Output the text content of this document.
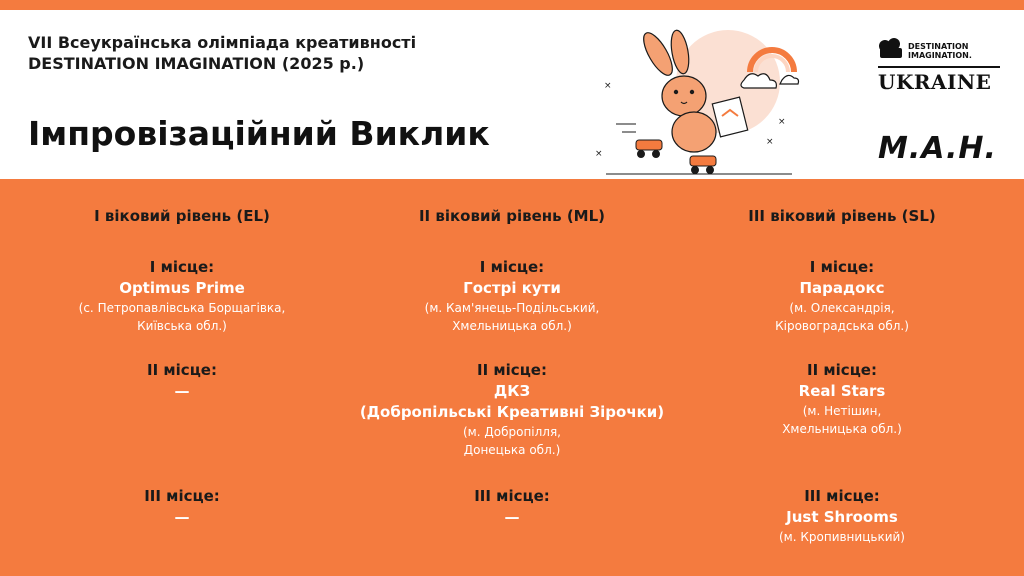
VII Всеукраїнська олімпіада креативності
DESTINATION IMAGINATION (2025 р.)
Імпровізаційний Виклик
×
×
×
×
DESTINATION
IMAGINATION.
UKRAINE
M.A.H.
I віковий рівень (EL)
I місце:
Optimus Prime
(с. Петропавлівська Борщагівка,
Київська обл.)
II місце:
—
III місце:
—
II віковий рівень (ML)
I місце:
Гострі кути
(м. Кам'янець-Подільський,
Хмельницька обл.)
II місце:
ДКЗ
(Добропільські Креативні Зірочки)
(м. Добропілля,
Донецька обл.)
III місце:
—
III віковий рівень (SL)
I місце:
Парадокс
(м. Олександрія,
Кіровоградська обл.)
II місце:
Real Stars
(м. Нетішин,
Хмельницька обл.)
III місце:
Just Shrooms
(м. Кропивницький)
